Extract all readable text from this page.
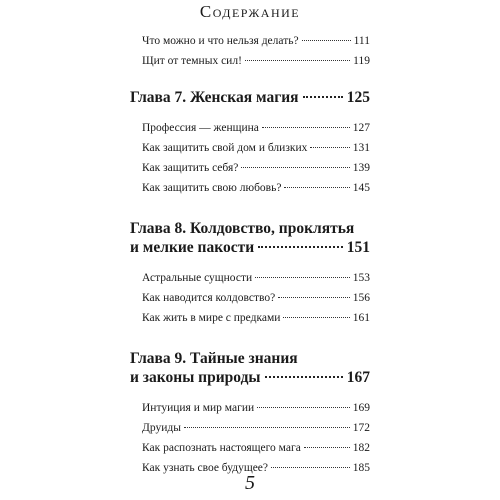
Содержание
Что можно и что нельзя делать?	111
Щит от темных сил!	119
Глава 7. Женская магия	125
Профессия — женщина	127
Как защитить свой дом и близких	131
Как защитить себя?	139
Как защитить свою любовь?	145
Глава 8. Колдовство, проклятья
и мелкие пакости	151
Астральные сущности	153
Как наводится колдовство?	156
Как жить в мире с предками	161
Глава 9. Тайные знания
и законы природы	167
Интуиция и мир магии	169
Друиды	172
Как распознать настоящего мага	182
Как узнать свое будущее?	185
5
